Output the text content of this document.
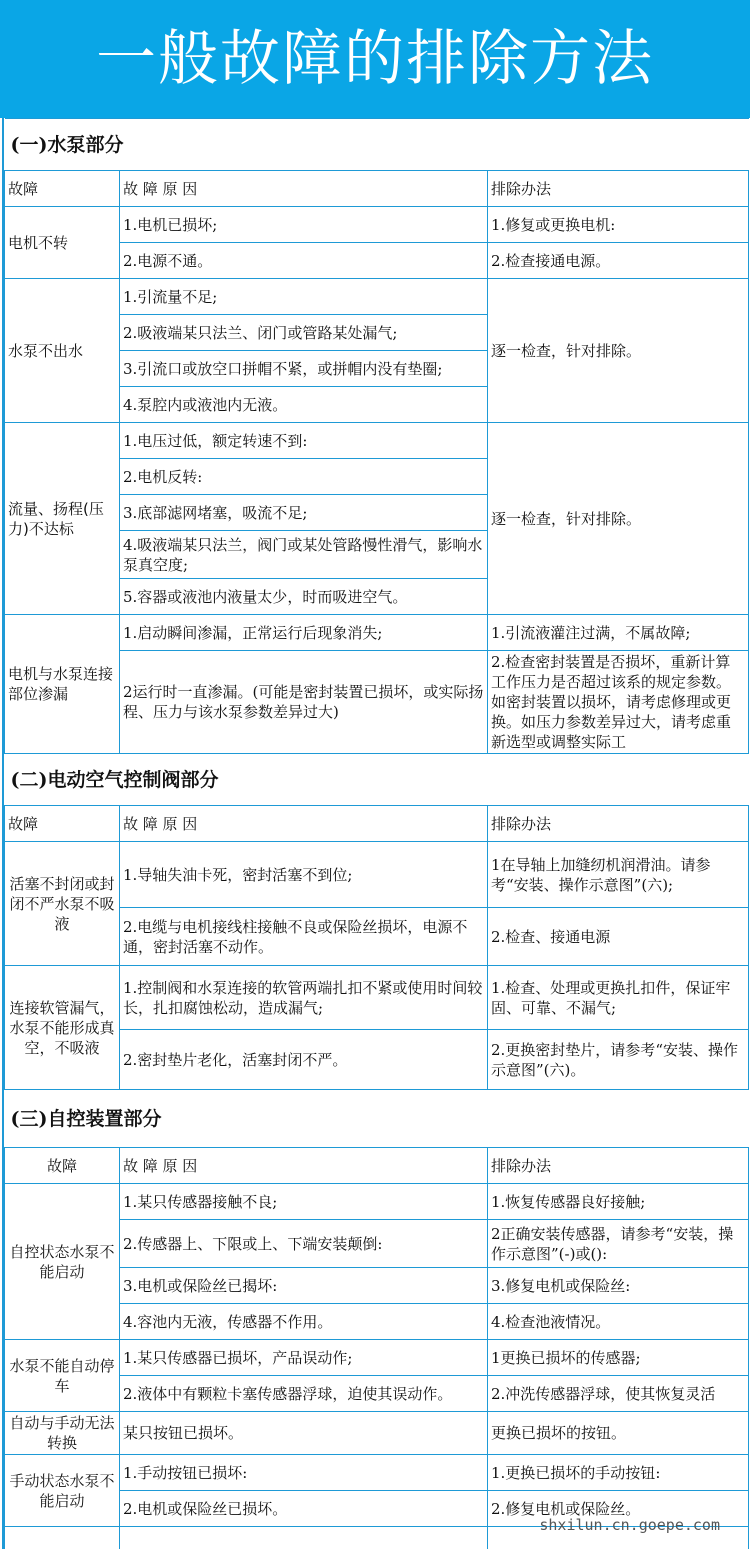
一般故障的排除方法
(一)水泵部分		
故障	故 障 原 因	排除办法
电机不转	1.电机已损坏;	1.修复或更换电机:
	2.电源不通。	2.检查接通电源。
水泵不出水	1.引流量不足;	逐一检查，针对排除。
	2.吸液端某只法兰、闭门或管路某处漏气;	
	3.引流口或放空口拼帽不紧，或拼帽内没有垫圈;	
	4.泵腔内或液池内无液。	
流量、扬程(压力)不达标	1.电压过低，额定转速不到:	逐一检查，针对排除。
	2.电机反转:	
	3.底部滤网堵塞，吸流不足;	
	4.吸液端某只法兰，阀门或某处管路慢性滑气，影响水泵真空度;	
	5.容器或液池内液量太少，时而吸进空气。	
电机与水泵连接部位渗漏	1.启动瞬间渗漏，正常运行后现象消失;	1.引流液灌注过满，不属故障;
	2运行时一直渗漏。(可能是密封装置已损坏，或实际扬程、压力与该水泵参数差异过大)	2.检查密封装置是否损坏，重新计算工作压力是否超过该系的规定参数。如密封装置以损坏，请考虑修理或更换。如压力参数差异过大，请考虑重新选型或调整实际工
(二)电动空气控制阀部分		
故障	故 障 原 因	排除办法
活塞不封闭或封闭不严水泵不吸液	1.导轴失油卡死，密封活塞不到位;	1在导轴上加缝纫机润滑油。请参考“安装、操作示意图”(六);
	2.电缆与电机接线柱接触不良或保险丝损坏，电源不通，密封活塞不动作。	2.检查、接通电源
连接软管漏气，水泵不能形成真空，不吸液	1.控制阀和水泵连接的软管两端扎扣不紧或使用时间较长，扎扣腐蚀松动，造成漏气;	1.检查、处理或更换扎扣件，保证牢固、可靠、不漏气;
	2.密封垫片老化，活塞封闭不严。	2.更换密封垫片，请参考“安装、操作示意图”(六)。
(三)自控装置部分		
故障	故 障 原 因	排除办法
自控状态水泵不能启动	1.某只传感器接触不良;	1.恢复传感器良好接触;
	2.传感器上、下限或上、下端安装颠倒:	2正确安装传感器，请参考“安装，操作示意图”(-)或():
	3.电机或保险丝已揭坏:	3.修复电机或保险丝:
	4.容池内无液，传感器不作用。	4.检查池液情况。
水泵不能自动停车	1.某只传感器已损坏，产品误动作;	1更换已损坏的传感器;
	2.液体中有颗粒卡塞传感器浮球，迫使其误动作。	2.冲洗传感器浮球，使其恢复灵活
自动与手动无法转换	某只按钮已损坏。	更换已损坏的按钮。
手动状态水泵不能启动	1.手动按钮已损坏:	1.更换已损坏的手动按钮:
	2.电机或保险丝已损坏。	2.修复电机或保险丝。

shxilun.cn.goepe.com
